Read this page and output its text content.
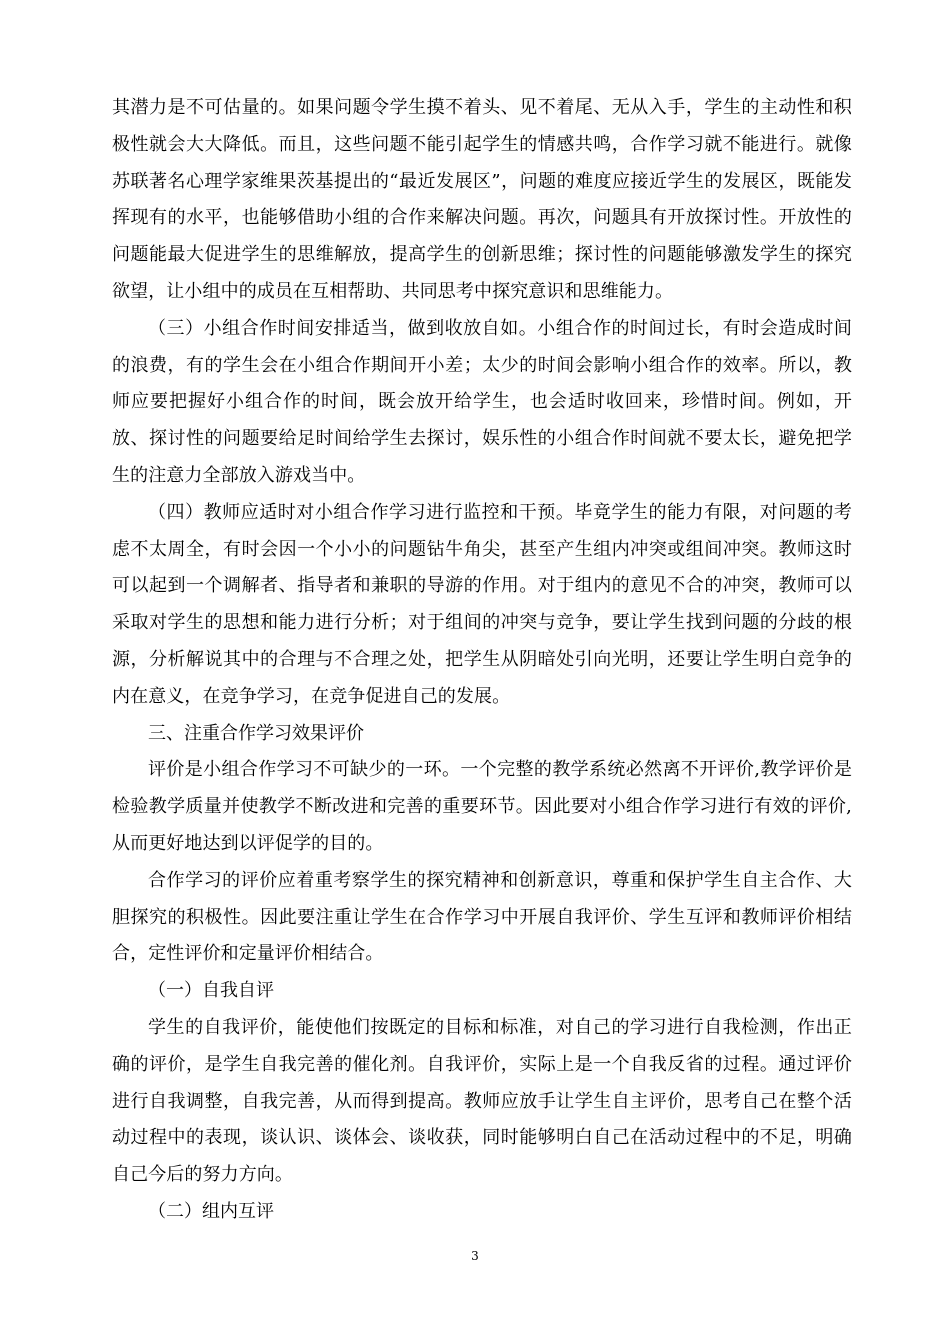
其潜力是不可估量的。如果问题令学生摸不着头、见不着尾、无从入手，学生的主动性和积极性就会大大降低。而且，这些问题不能引起学生的情感共鸣，合作学习就不能进行。就像苏联著名心理学家维果茨基提出的“最近发展区”，问题的难度应接近学生的发展区，既能发挥现有的水平，也能够借助小组的合作来解决问题。再次，问题具有开放探讨性。开放性的问题能最大促进学生的思维解放，提高学生的创新思维；探讨性的问题能够激发学生的探究欲望，让小组中的成员在互相帮助、共同思考中探究意识和思维能力。

（三）小组合作时间安排适当，做到收放自如。小组合作的时间过长，有时会造成时间的浪费，有的学生会在小组合作期间开小差；太少的时间会影响小组合作的效率。所以，教师应要把握好小组合作的时间，既会放开给学生，也会适时收回来，珍惜时间。例如，开放、探讨性的问题要给足时间给学生去探讨，娱乐性的小组合作时间就不要太长，避免把学生的注意力全部放入游戏当中。

（四）教师应适时对小组合作学习进行监控和干预。毕竟学生的能力有限，对问题的考虑不太周全，有时会因一个小小的问题钻牛角尖，甚至产生组内冲突或组间冲突。教师这时可以起到一个调解者、指导者和兼职的导游的作用。对于组内的意见不合的冲突，教师可以采取对学生的思想和能力进行分析；对于组间的冲突与竞争，要让学生找到问题的分歧的根源，分析解说其中的合理与不合理之处，把学生从阴暗处引向光明，还要让学生明白竞争的内在意义，在竞争学习，在竞争促进自己的发展。

三、注重合作学习效果评价

评价是小组合作学习不可缺少的一环。一个完整的教学系统必然离不开评价,教学评价是检验教学质量并使教学不断改进和完善的重要环节。因此要对小组合作学习进行有效的评价,从而更好地达到以评促学的目的。

合作学习的评价应着重考察学生的探究精神和创新意识，尊重和保护学生自主合作、大胆探究的积极性。因此要注重让学生在合作学习中开展自我评价、学生互评和教师评价相结合，定性评价和定量评价相结合。

（一）自我自评

学生的自我评价，能使他们按既定的目标和标准，对自己的学习进行自我检测，作出正确的评价，是学生自我完善的催化剂。自我评价，实际上是一个自我反省的过程。通过评价进行自我调整，自我完善，从而得到提高。教师应放手让学生自主评价，思考自己在整个活动过程中的表现，谈认识、谈体会、谈收获，同时能够明白自己在活动过程中的不足，明确自己今后的努力方向。

（二）组内互评

3
